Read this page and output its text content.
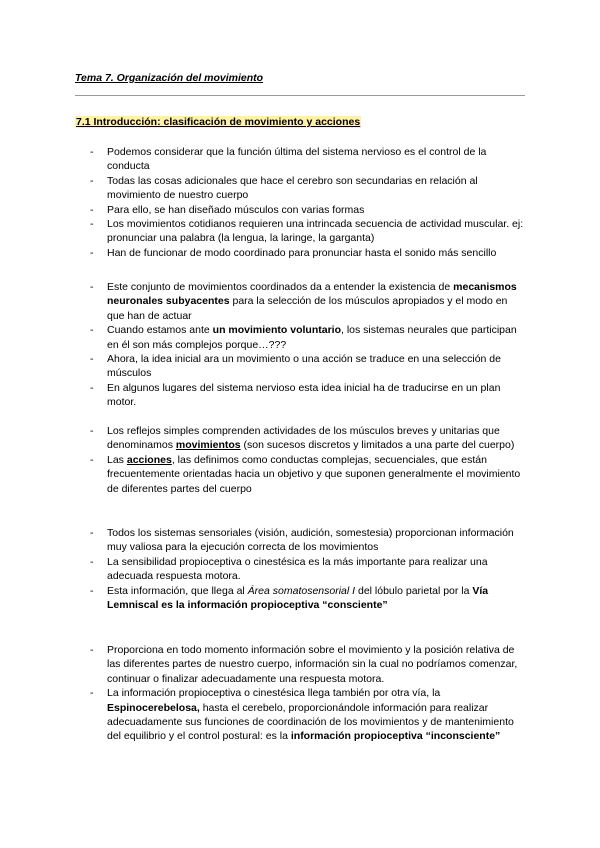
Tema 7. Organización del movimiento
7.1 Introducción: clasificación de movimiento y acciones
- Podemos considerar que la función última del sistema nervioso es el control de la conducta
- Todas las cosas adicionales que hace el cerebro son secundarias en relación al movimiento de nuestro cuerpo
- Para ello, se han diseñado músculos con varias formas
- Los movimientos cotidianos requieren una intrincada secuencia de actividad muscular. ej: pronunciar una palabra (la lengua, la laringe, la garganta)
- Han de funcionar de modo coordinado para pronunciar hasta el sonido más sencillo
- Este conjunto de movimientos coordinados da a entender la existencia de mecanismos neuronales subyacentes para la selección de los músculos apropiados y el modo en que han de actuar
- Cuando estamos ante un movimiento voluntario, los sistemas neurales que participan en él son más complejos porque…???
- Ahora, la idea inicial ara un movimiento o una acción se traduce en una selección de músculos
- En algunos lugares del sistema nervioso esta idea inicial ha de traducirse en un plan motor.
- Los reflejos simples comprenden actividades de los músculos breves y unitarias que denominamos movimientos (son sucesos discretos y limitados a una parte del cuerpo)
- Las acciones, las definimos como conductas complejas, secuenciales, que están frecuentemente orientadas hacia un objetivo y que suponen generalmente el movimiento de diferentes partes del cuerpo
- Todos los sistemas sensoriales (visión, audición, somestesia) proporcionan información muy valiosa para la ejecución correcta de los movimientos
- La sensibilidad propioceptiva o cinestésica es la más importante para realizar una adecuada respuesta motora.
- Esta información, que llega al Área somatosensorial I del lóbulo parietal por la Vía Lemniscal es la información propioceptiva “consciente”
- Proporciona en todo momento información sobre el movimiento y la posición relativa de las diferentes partes de nuestro cuerpo, información sin la cual no podríamos comenzar, continuar o finalizar adecuadamente una respuesta motora.
- La información propioceptiva o cinestésica llega también por otra vía, la Espinocerebelosa, hasta el cerebelo, proporcionándole información para realizar adecuadamente sus funciones de coordinación de los movimientos y de mantenimiento del equilibrio y el control postural: es la información propioceptiva “inconsciente”
